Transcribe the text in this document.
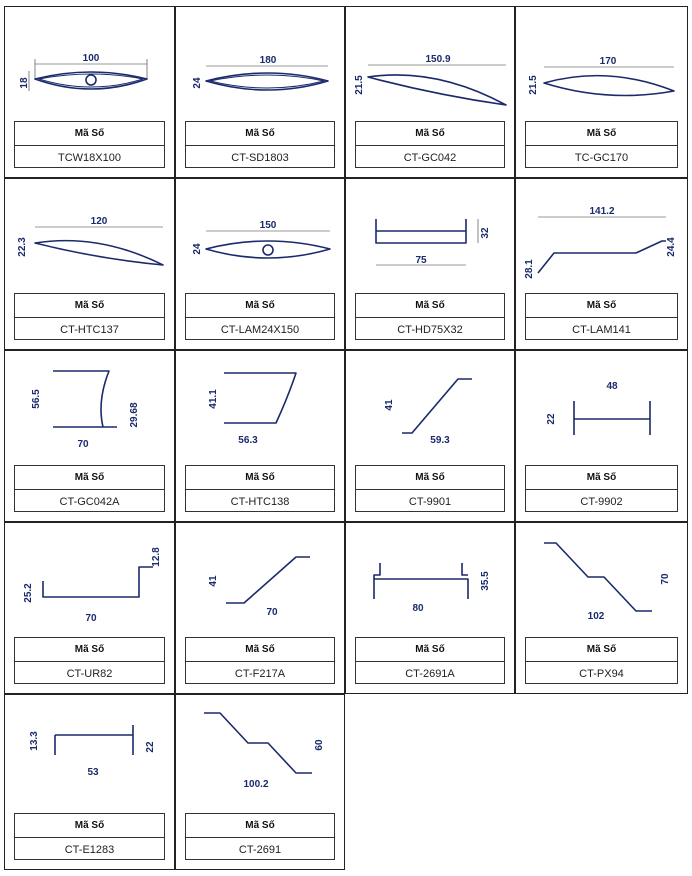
100
18
Mã Số
TCW18X100
180
24
Mã Số
CT-SD1803
150.9
21.5
Mã Số
CT-GC042
170
21.5
Mã Số
TC-GC170
120
22.3
Mã Số
CT-HTC137
150
24
Mã Số
CT-LAM24X150
75
32
Mã Số
CT-HD75X32
141.2
24.4
28.1
Mã Số
CT-LAM141
56.5
70
29.68
Mã Số
CT-GC042A
41.1
56.3
Mã Số
CT-HTC138
41
59.3
Mã Số
CT-9901
48
22
Mã Số
CT-9902
12.8
25.2
70
Mã Số
CT-UR82
41
70
Mã Số
CT-F217A
80
35.5
Mã Số
CT-2691A
70
102
Mã Số
CT-PX94
13.3	22
53
Mã Số
CT-E1283
60
100.2
Mã Số
CT-2691
